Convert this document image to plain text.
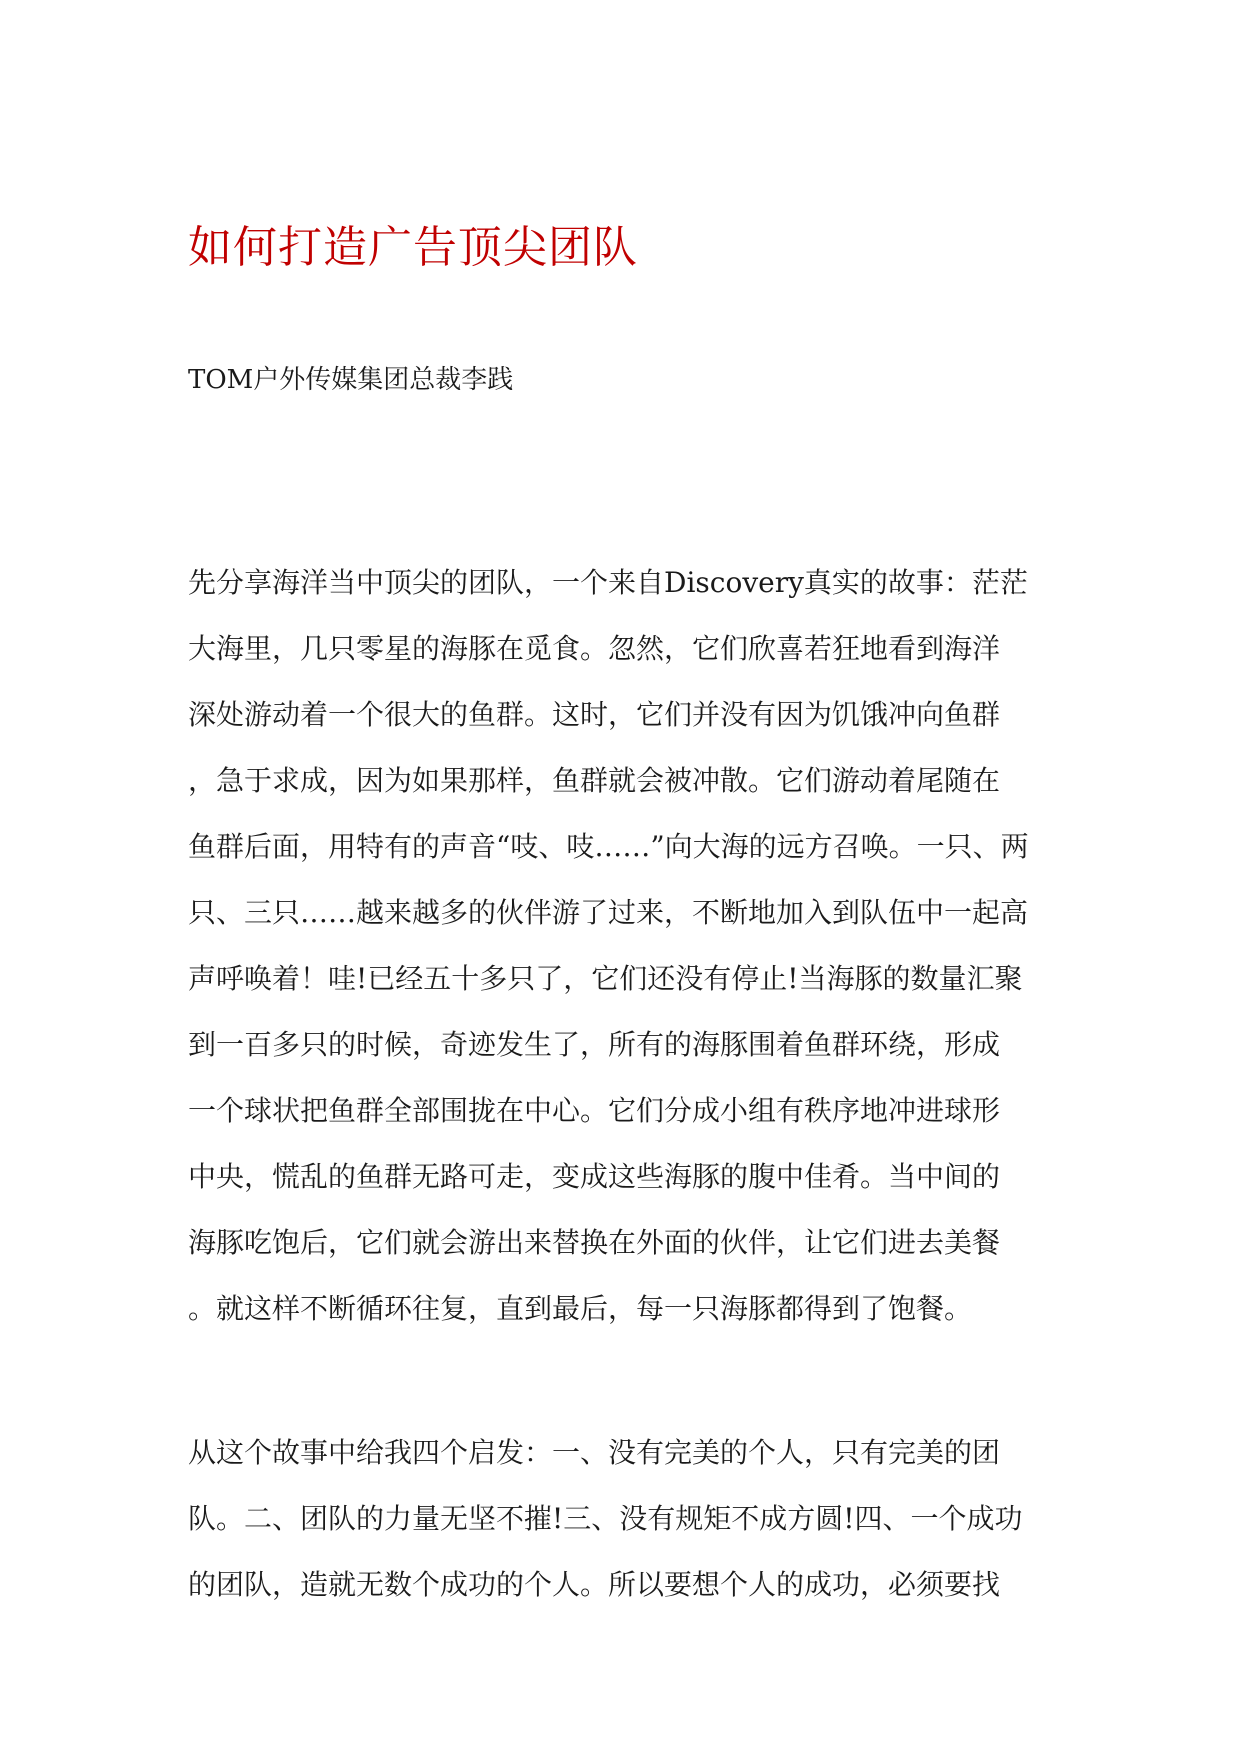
如何打造广告顶尖团队

TOM户外传媒集团总裁李践

先分享海洋当中顶尖的团队，一个来自Discovery真实的故事：茫茫
大海里，几只零星的海豚在觅食。忽然，它们欣喜若狂地看到海洋
深处游动着一个很大的鱼群。这时，它们并没有因为饥饿冲向鱼群
，急于求成，因为如果那样，鱼群就会被冲散。它们游动着尾随在
鱼群后面，用特有的声音“吱、吱……”向大海的远方召唤。一只、两
只、三只……越来越多的伙伴游了过来，不断地加入到队伍中一起高
声呼唤着！哇!已经五十多只了，它们还没有停止!当海豚的数量汇聚
到一百多只的时候，奇迹发生了，所有的海豚围着鱼群环绕，形成
一个球状把鱼群全部围拢在中心。它们分成小组有秩序地冲进球形
中央，慌乱的鱼群无路可走，变成这些海豚的腹中佳肴。当中间的
海豚吃饱后，它们就会游出来替换在外面的伙伴，让它们进去美餐
。就这样不断循环往复，直到最后，每一只海豚都得到了饱餐。
从这个故事中给我四个启发：一、没有完美的个人，只有完美的团
队。二、团队的力量无坚不摧!三、没有规矩不成方圆!四、一个成功
的团队，造就无数个成功的个人。所以要想个人的成功，必须要找
